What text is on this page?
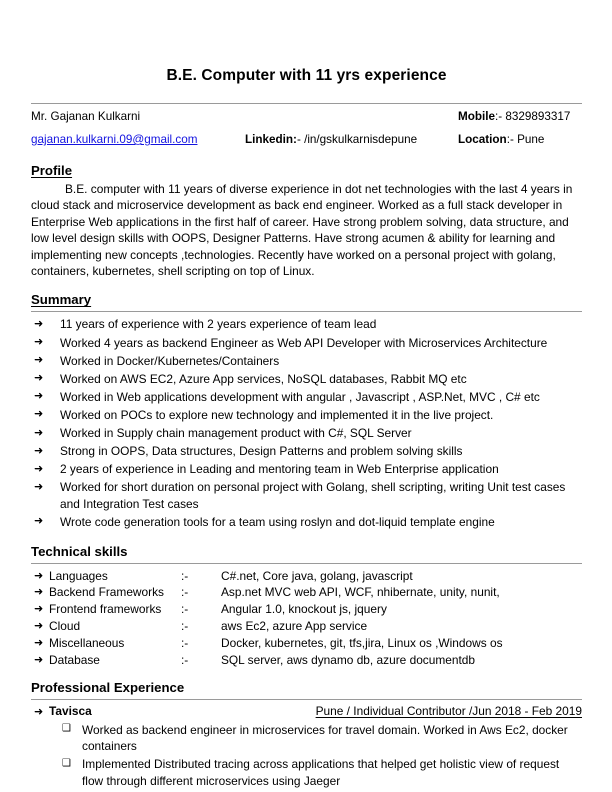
B.E. Computer with 11 yrs experience
Mr. Gajanan Kulkarni	Mobile:- 8329893317
gajanan.kulkarni.09@gmail.com	Linkedin:- /in/gskulkarnisdepune	Location:- Pune
Profile

B.E. computer with 11 years of diverse experience in dot net technologies with the last 4 years in cloud stack and microservice development as back end engineer. Worked as a full stack developer in Enterprise Web applications in the first half of career. Have strong problem solving, data structure, and low level design skills with OOPS, Designer Patterns. Have strong acumen & ability for learning and implementing new concepts ,technologies. Recently have worked on a personal project with golang, containers, kubernetes, shell scripting on top of Linux.

Summary
➜ 11 years of experience with 2 years experience of team lead
➜ Worked 4 years as backend Engineer as Web API Developer with Microservices Architecture
➜ Worked in Docker/Kubernetes/Containers
➜ Worked on AWS EC2, Azure App services, NoSQL databases, Rabbit MQ etc
➜ Worked in Web applications development with angular , Javascript , ASP.Net, MVC , C# etc
➜ Worked on POCs to explore new technology and implemented it in the live project.
➜ Worked in Supply chain management product with C#, SQL Server
➜ Strong in OOPS, Data structures, Design Patterns and problem solving skills
➜ 2 years of experience in Leading and mentoring team in Web Enterprise application
➜ Worked for short duration on personal project with Golang, shell scripting, writing Unit test cases and Integration Test cases
➜ Wrote code generation tools for a team using roslyn and dot-liquid template engine
Technical skills
➜ Languages	:-	C#.net, Core java, golang, javascript
➜ Backend Frameworks :-	Asp.net MVC web API, WCF, nhibernate, unity, nunit,
➜ Frontend frameworks :-	Angular 1.0, knockout js, jquery
➜ Cloud	:-	aws Ec2, azure App service
➜ Miscellaneous	:-	Docker, kubernetes, git, tfs,jira, Linux os ,Windows os
➜ Database	:-	SQL server, aws dynamo db, azure documentdb
Professional Experience
➜ Tavisca	Pune / Individual Contributor /Jun 2018 - Feb 2019
❑ Worked as backend engineer in microservices for travel domain. Worked in Aws Ec2, docker containers
❑ Implemented Distributed tracing across applications that helped get holistic view of request flow through different microservices using Jaeger
